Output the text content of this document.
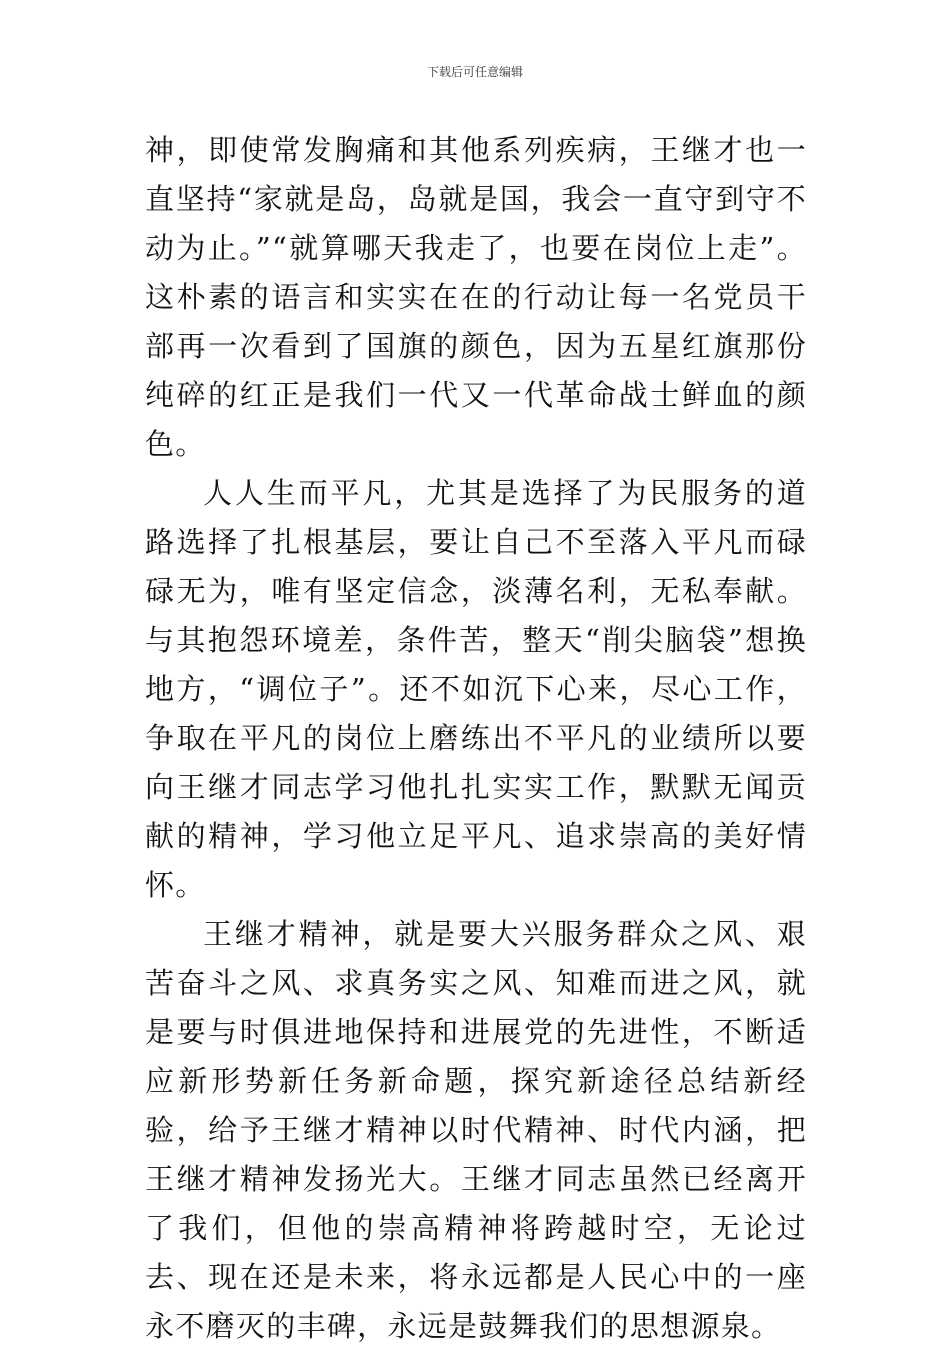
下载后可任意编辑

神，即使常发胸痛和其他系列疾病，王继才也一直坚持“家就是岛，岛就是国，我会一直守到守不动为止。”“就算哪天我走了，也要在岗位上走”。这朴素的语言和实实在在的行动让每一名党员干部再一次看到了国旗的颜色，因为五星红旗那份纯碎的红正是我们一代又一代革命战士鲜血的颜色。

人人生而平凡，尤其是选择了为民服务的道路选择了扎根基层，要让自己不至落入平凡而碌碌无为，唯有坚定信念，淡薄名利，无私奉献。与其抱怨环境差，条件苦，整天“削尖脑袋”想换地方，“调位子”。还不如沉下心来，尽心工作，争取在平凡的岗位上磨练出不平凡的业绩所以要向王继才同志学习他扎扎实实工作，默默无闻贡献的精神，学习他立足平凡、追求崇高的美好情怀。

王继才精神，就是要大兴服务群众之风、艰苦奋斗之风、求真务实之风、知难而进之风，就是要与时俱进地保持和进展党的先进性，不断适应新形势新任务新命题，探究新途径总结新经验，给予王继才精神以时代精神、时代内涵，把王继才精神发扬光大。王继才同志虽然已经离开了我们，但他的崇高精神将跨越时空，无论过去、现在还是未来，将永远都是人民心中的一座永不磨灭的丰碑，永远是鼓舞我们的思想源泉。
